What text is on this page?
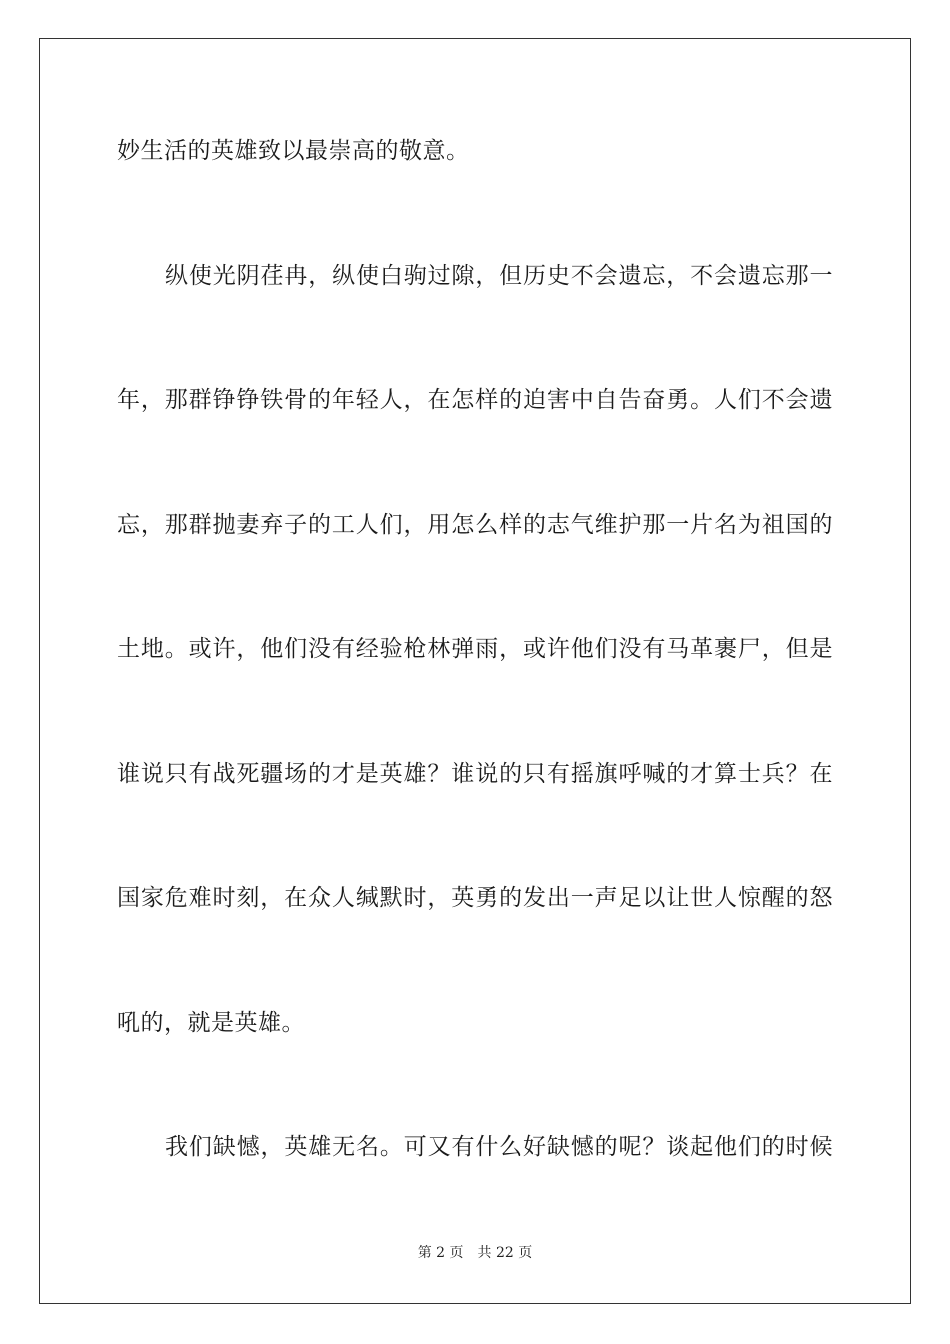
妙生活的英雄致以最崇高的敬意。
纵使光阴荏冉，纵使白驹过隙，但历史不会遗忘，不会遗忘那一
年，那群铮铮铁骨的年轻人，在怎样的迫害中自告奋勇。人们不会遗
忘，那群抛妻弃子的工人们，用怎么样的志气维护那一片名为祖国的
土地。或许，他们没有经验枪林弹雨，或许他们没有马革裹尸，但是
谁说只有战死疆场的才是英雄？谁说的只有摇旗呼喊的才算士兵？在
国家危难时刻，在众人缄默时，英勇的发出一声足以让世人惊醒的怒
吼的，就是英雄。
我们缺憾，英雄无名。可又有什么好缺憾的呢？谈起他们的时候
第 2 页 共 22 页
